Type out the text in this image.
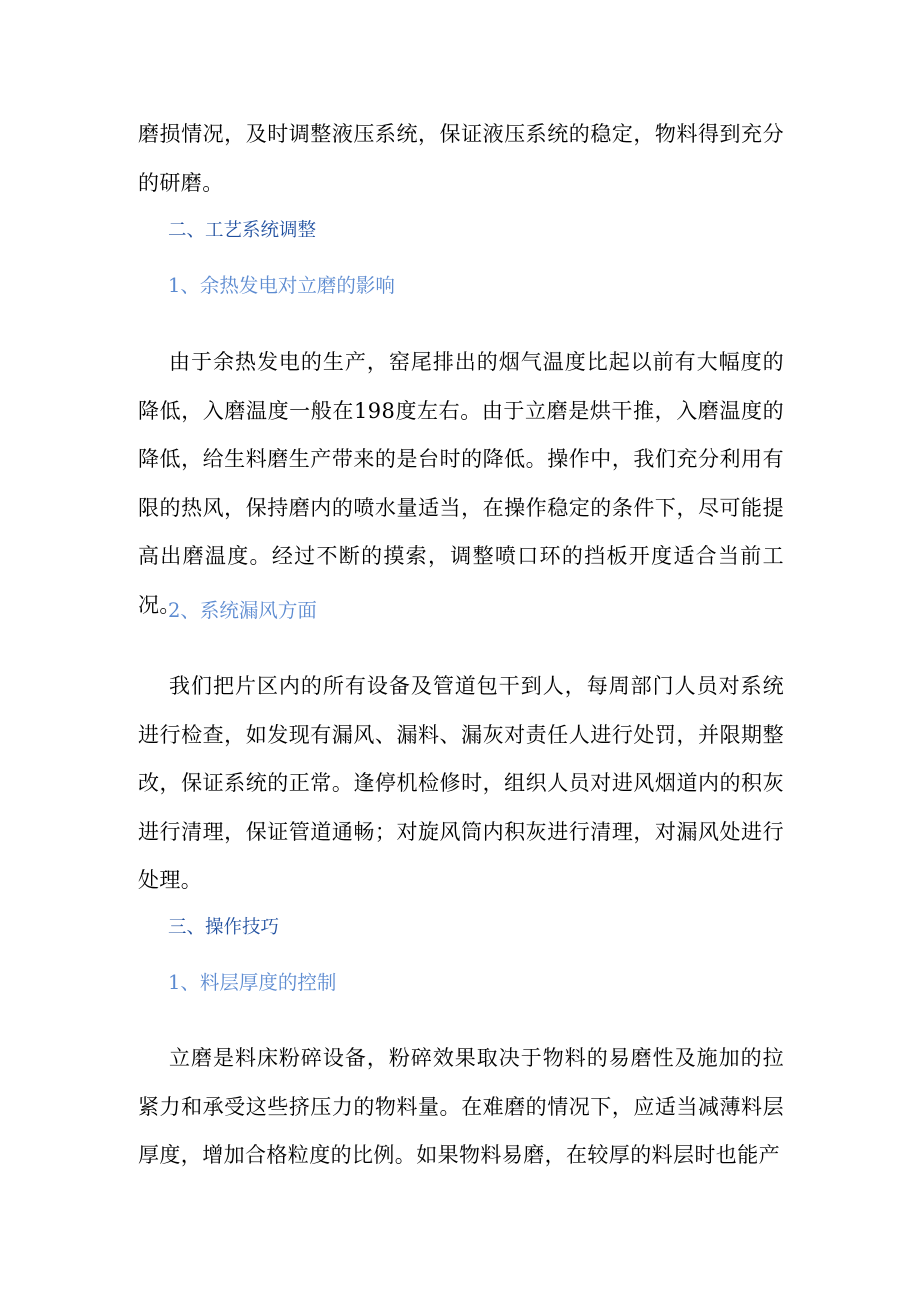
磨损情况，及时调整液压系统，保证液压系统的稳定，物料得到充分的研磨。

二、工艺系统调整

1、余热发电对立磨的影响

由于余热发电的生产，窑尾排出的烟气温度比起以前有大幅度的降低，入磨温度一般在198度左右。由于立磨是烘干推，入磨温度的降低，给生料磨生产带来的是台时的降低。操作中，我们充分利用有限的热风，保持磨内的喷水量适当，在操作稳定的条件下，尽可能提高出磨温度。经过不断的摸索，调整喷口环的挡板开度适合当前工况。

2、系统漏风方面

我们把片区内的所有设备及管道包干到人，每周部门人员对系统进行检查，如发现有漏风、漏料、漏灰对责任人进行处罚，并限期整改，保证系统的正常。逢停机检修时，组织人员对进风烟道内的积灰进行清理，保证管道通畅；对旋风筒内积灰进行清理，对漏风处进行处理。

三、操作技巧

1、料层厚度的控制

立磨是料床粉碎设备，粉碎效果取决于物料的易磨性及施加的拉紧力和承受这些挤压力的物料量。在难磨的情况下，应适当减薄料层厚度，增加合格粒度的比例。如果物料易磨，在较厚的料层时也能产
